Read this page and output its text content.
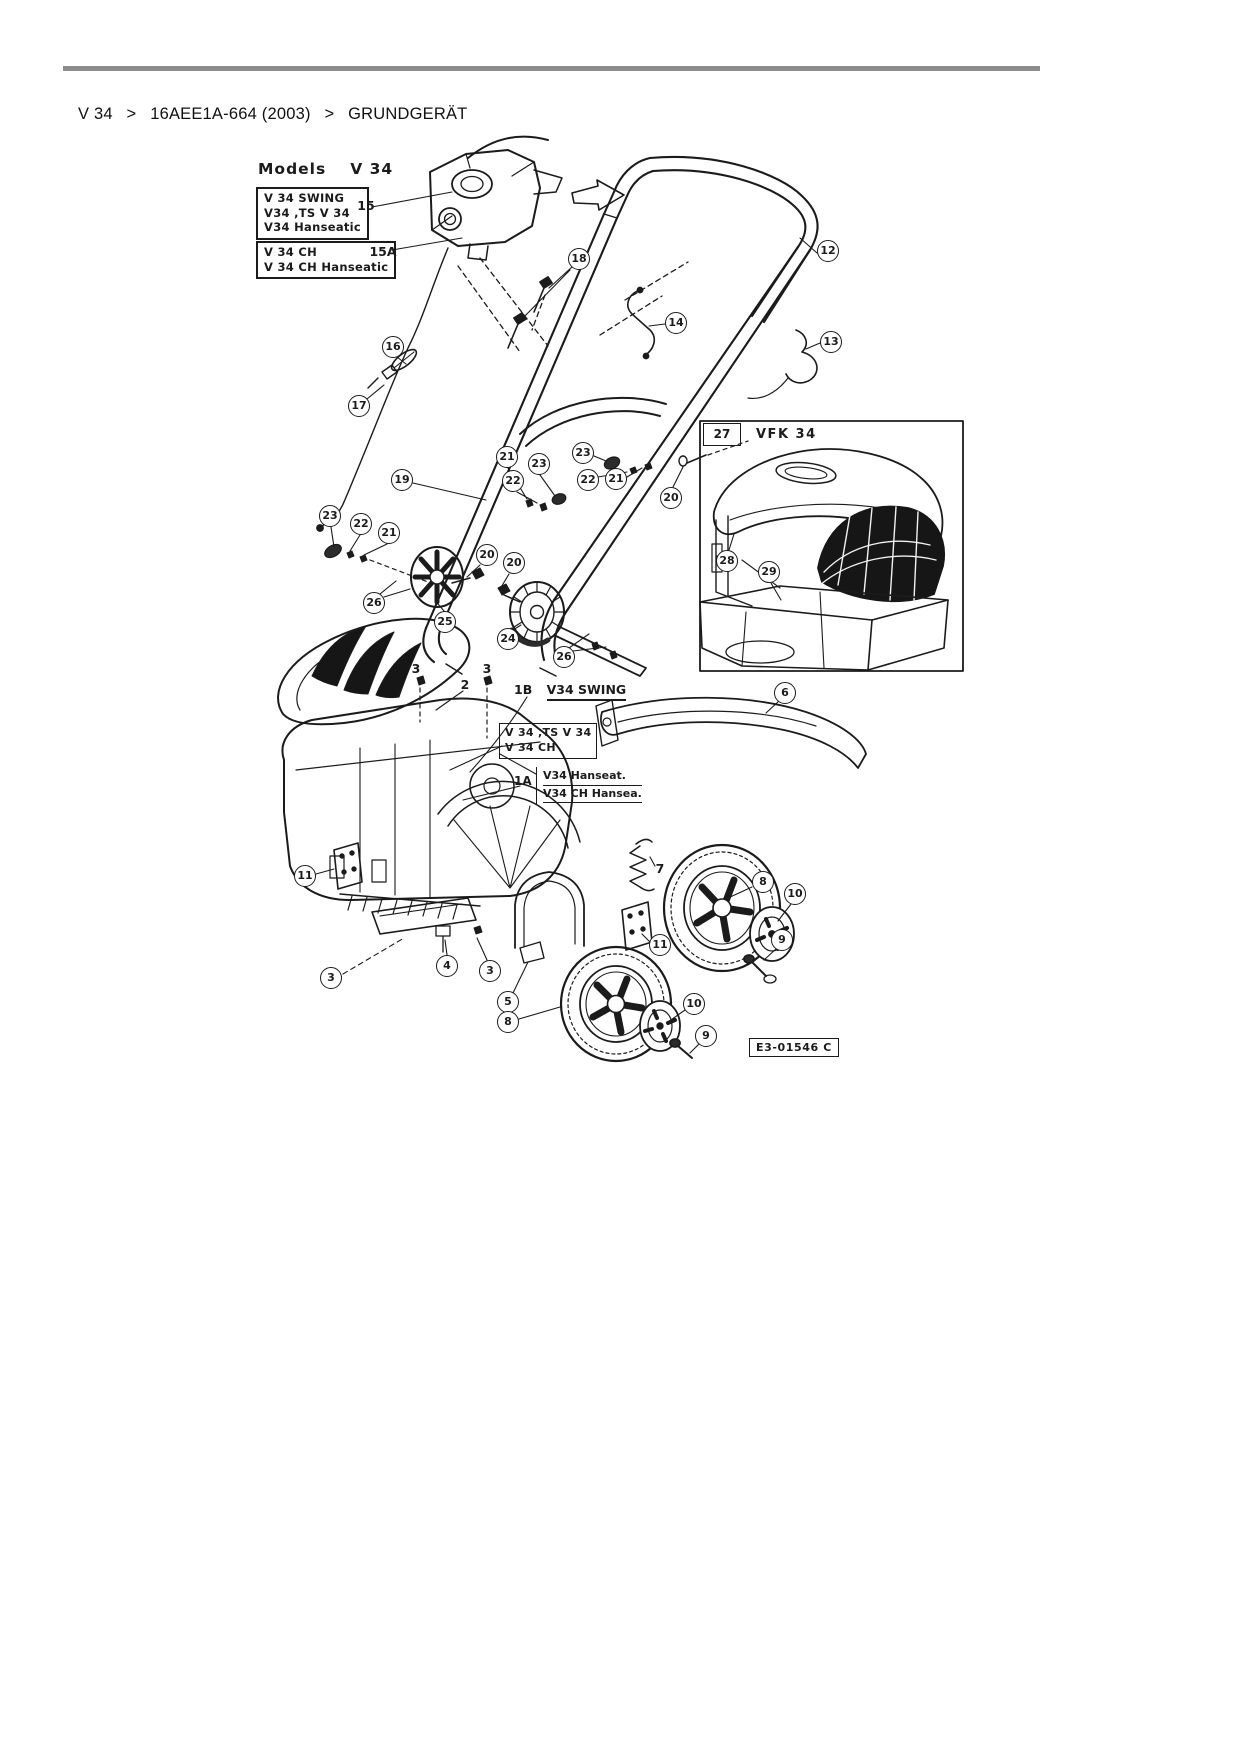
V 34 > 16AEE1A-664 (2003) > GRUNDGERÄT
Models V 34
V 34 SWING
V34 ,TS V 34
V34 Hanseatic
V 34 CH
V 34 CH Hanseatic
27	VFK 34
1B V34 SWING
V 34 ,TS V 34
V 34 CH
1A V34 Hanseat.
V34 CH Hansea.
E3-01546 C
12
13
14
16
17
18
19
23
22
21
21
22
23
23
22	21
20
20
20
25
24
26
26
28
29
6
8
10
9
11
11
4	3
3
5
8
10
9
15
15A
3	3
2
7
